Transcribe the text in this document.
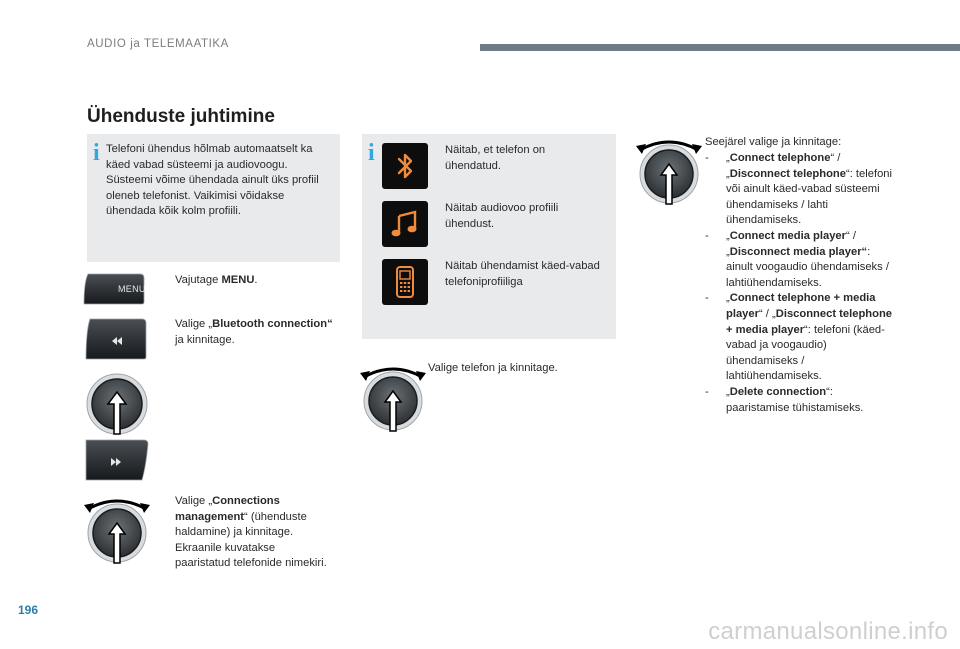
AUDIO ja TELEMAATIKA
Ühenduste juhtimine
i Telefoni ühendus hõlmab automaatselt ka käed vabad süsteemi ja audiovoogu. Süsteemi võime ühendada ainult üks profiil oleneb telefonist. Vaikimisi võidakse ühendada kõik kolm profiili.
MENU
Vajutage MENU.
Valige „Bluetooth connection“ ja kinnitage.
Valige „Connections management“ (ühenduste haldamine) ja kinnitage. Ekraanile kuvatakse paaristatud telefonide nimekiri.
i	Näitab, et telefon on ühendatud.
Näitab audiovoo profiili ühendust.
Näitab ühendamist käed-vabad telefoniprofiiliga
Valige telefon ja kinnitage.
Seejärel valige ja kinnitage:
- „Connect telephone“ / „Disconnect telephone“: telefoni või ainult käed-vabad süsteemi ühendamiseks / lahti ühendamiseks.
- „Connect media player“ / „Disconnect media player“: ainult voogaudio ühendamiseks / lahtiühendamiseks.
- „Connect telephone + media player“ / „Disconnect telephone + media player“: telefoni (käed-vabad ja voogaudio) ühendamiseks / lahtiühendamiseks.
- „Delete connection“: paaristamise tühistamiseks.
196
carmanualsonline.info
